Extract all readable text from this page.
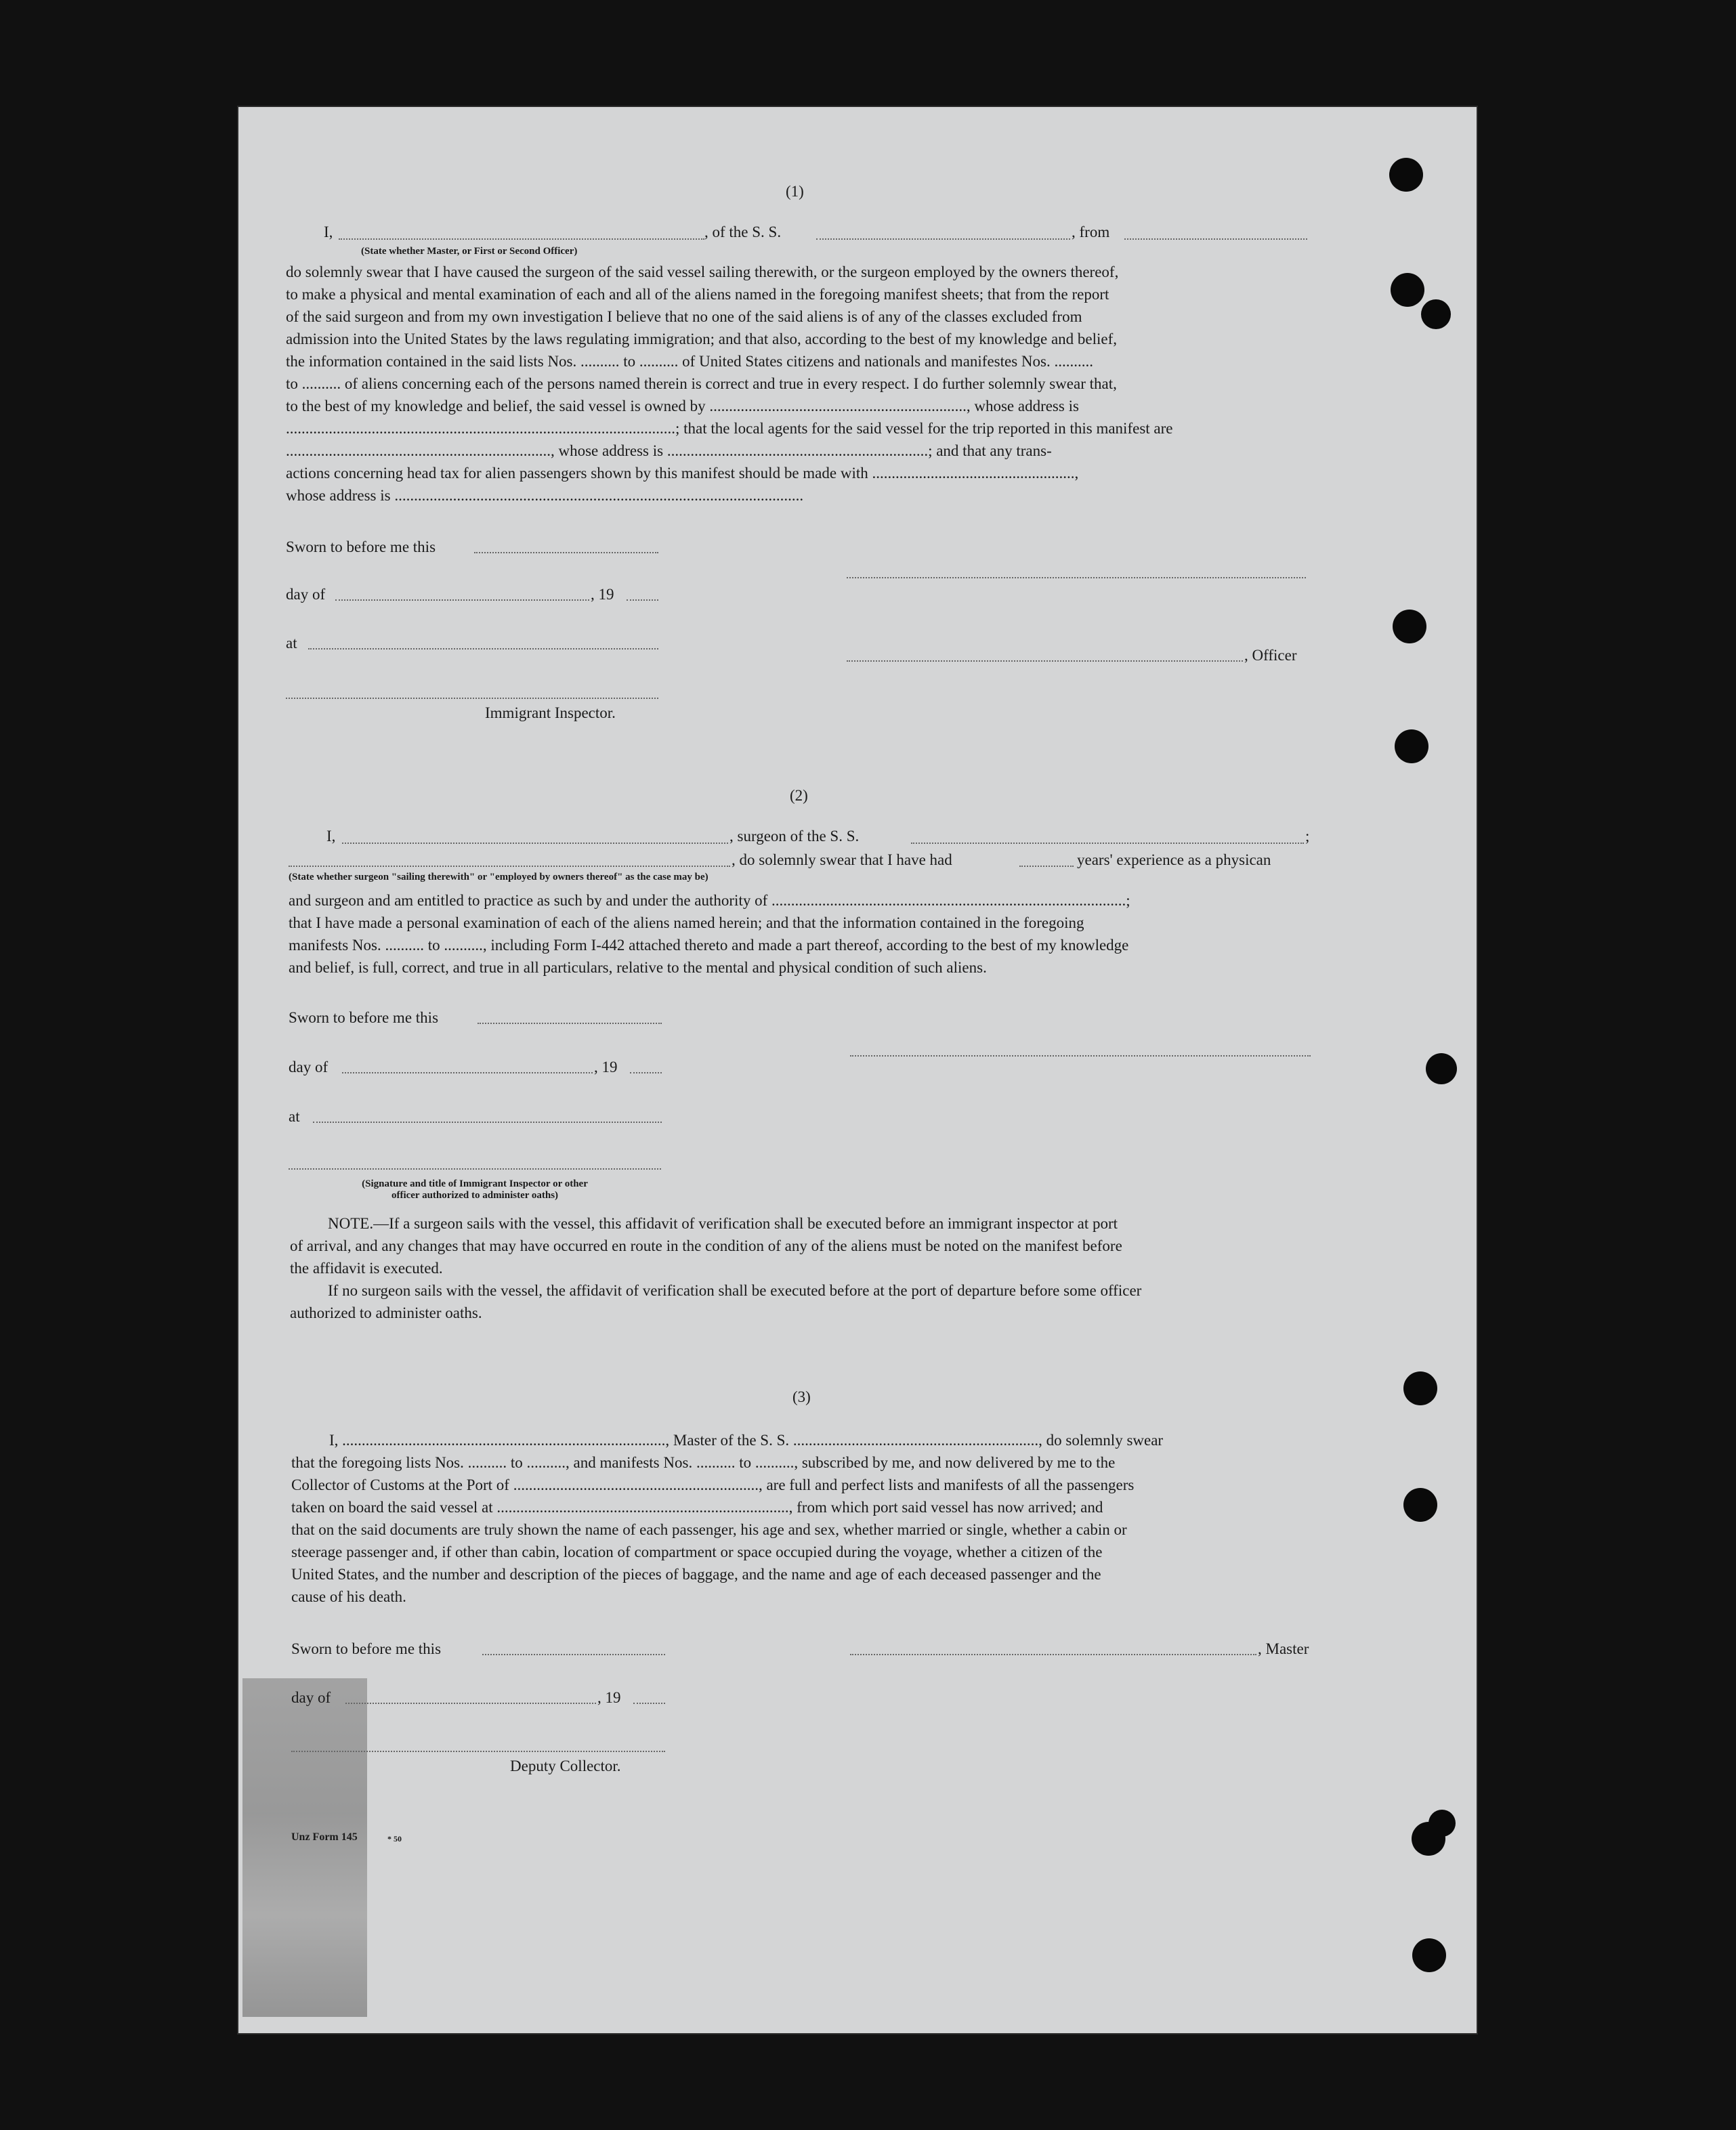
(1)
I,	, of the S. S.	, from
(State whether Master, or First or Second Officer)
do solemnly swear that I have caused the surgeon of the said vessel sailing therewith, or the surgeon employed by the owners thereof,
to make a physical and mental examination of each and all of the aliens named in the foregoing manifest sheets; that from the report
of the said surgeon and from my own investigation I believe that no one of the said aliens is of any of the classes excluded from
admission into the United States by the laws regulating immigration; and that also, according to the best of my knowledge and belief,
the information contained in the said lists Nos. .......... to .......... of United States citizens and nationals and manifestes Nos. ..........
to .......... of aliens concerning each of the persons named therein is correct and true in every respect. I do further solemnly swear that,
to the best of my knowledge and belief, the said vessel is owned by .................................................................., whose address is
....................................................................................................; that the local agents for the said vessel for the trip reported in this manifest are
...................................................................., whose address is ...................................................................; and that any trans-
actions concerning head tax for alien passengers shown by this manifest should be made with ....................................................,
whose address is .........................................................................................................
Sworn to before me this
day of	, 19
at
, Officer
Immigrant Inspector.
(2)
I,	, surgeon of the S. S.	;
, do solemnly swear that I have had	years' experience as a physican
(State whether surgeon "sailing therewith" or "employed by owners thereof" as the case may be)
and surgeon and am entitled to practice as such by and under the authority of ...........................................................................................;
that I have made a personal examination of each of the aliens named herein; and that the information contained in the foregoing
manifests Nos. .......... to .........., including Form I-442 attached thereto and made a part thereof, according to the best of my knowledge
and belief, is full, correct, and true in all particulars, relative to the mental and physical condition of such aliens.
Sworn to before me this
day of	, 19
at
(Signature and title of Immigrant Inspector or other
officer authorized to administer oaths)
NOTE.—If a surgeon sails with the vessel, this affidavit of verification shall be executed before an immigrant inspector at port
of arrival, and any changes that may have occurred en route in the condition of any of the aliens must be noted on the manifest before
the affidavit is executed.
If no surgeon sails with the vessel, the affidavit of verification shall be executed before at the port of departure before some officer
authorized to administer oaths.
(3)
I, ..................................................................................., Master of the S. S. ..............................................................., do solemnly swear
that the foregoing lists Nos. .......... to .........., and manifests Nos. .......... to .........., subscribed by me, and now delivered by me to the
Collector of Customs at the Port of ..............................................................., are full and perfect lists and manifests of all the passengers
taken on board the said vessel at ..........................................................................., from which port said vessel has now arrived; and
that on the said documents are truly shown the name of each passenger, his age and sex, whether married or single, whether a cabin or
steerage passenger and, if other than cabin, location of compartment or space occupied during the voyage, whether a citizen of the
United States, and the number and description of the pieces of baggage, and the name and age of each deceased passenger and the
cause of his death.
Sworn to before me this	, Master
day of	, 19
Deputy Collector.
Unz Form 145	* 50
